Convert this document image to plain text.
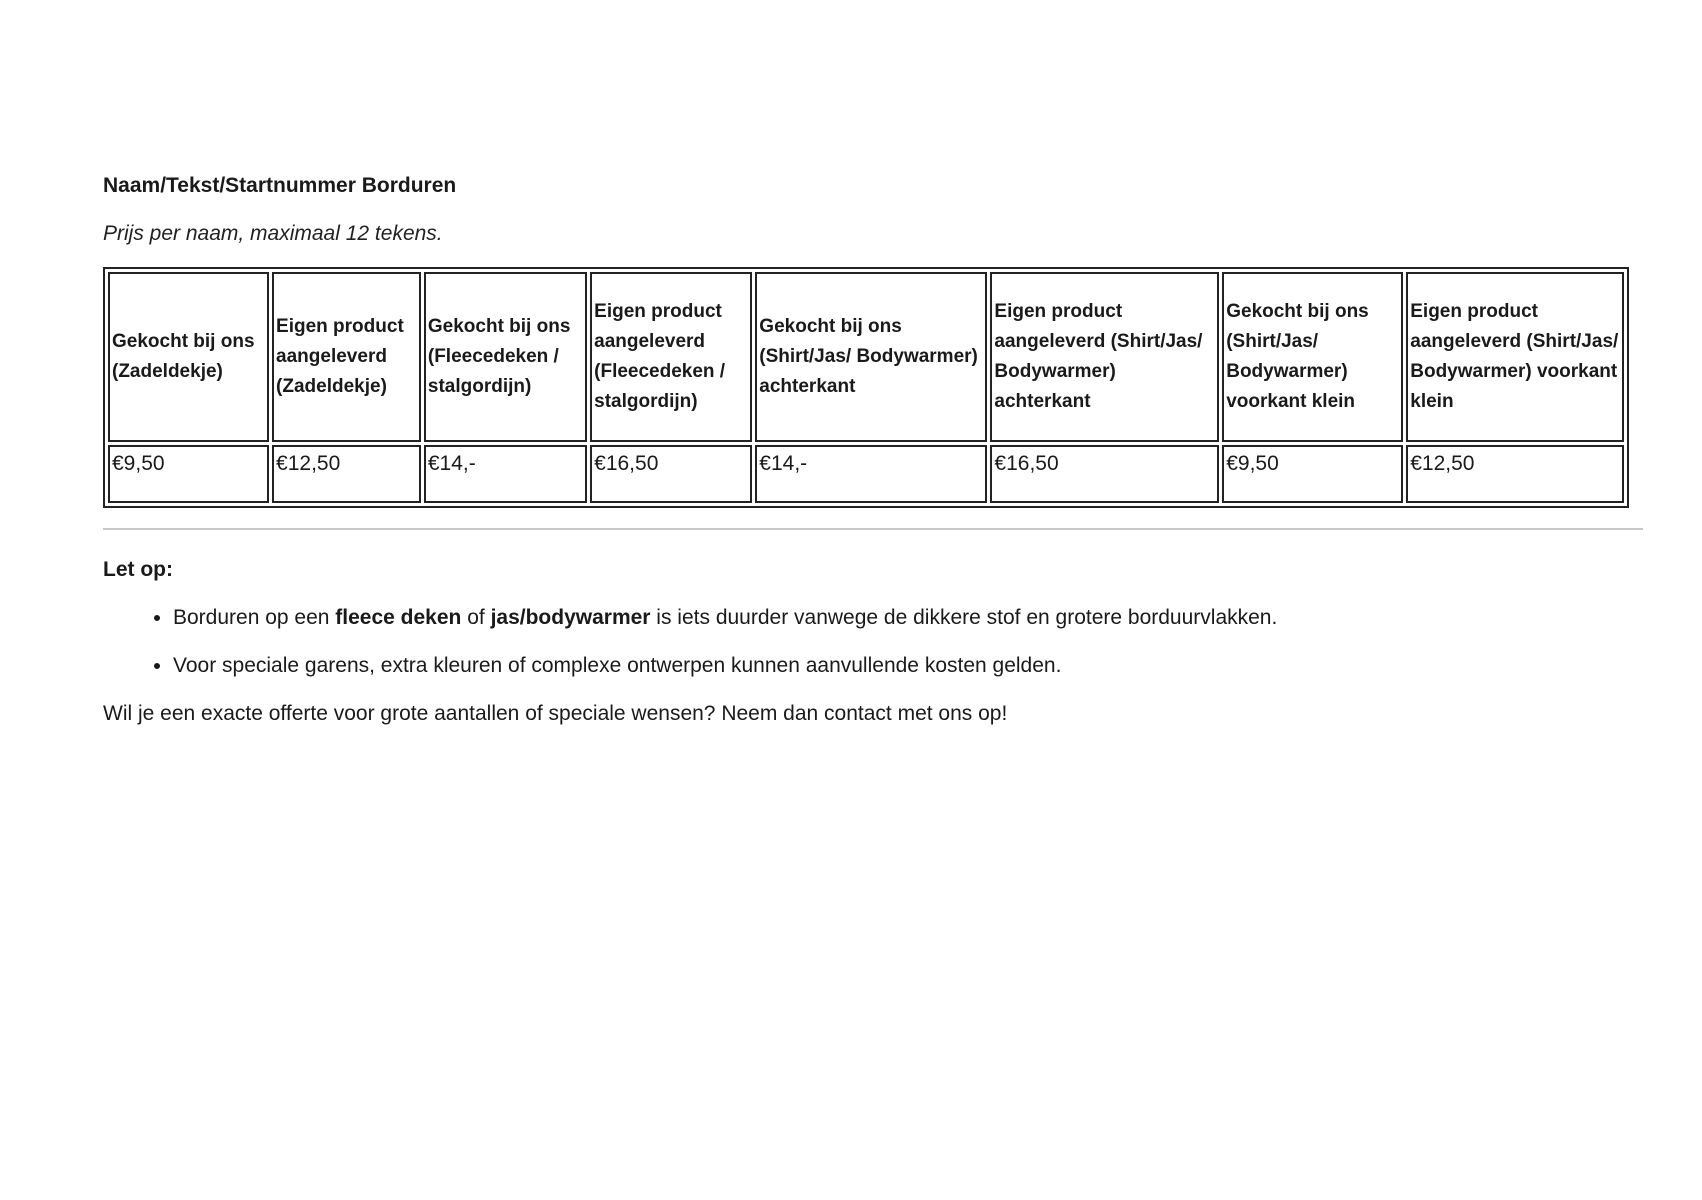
Naam/Tekst/Startnummer Borduren

Prijs per naam, maximaal 12 tekens.

Gekocht bij ons (Zadeldekje)	Eigen product aangeleverd (Zadeldekje)	Gekocht bij ons (Fleecedeken / stalgordijn)	Eigen product aangeleverd (Fleecedeken / stalgordijn)	Gekocht bij ons (Shirt/Jas/ Bodywarmer) achterkant	Eigen product aangeleverd (Shirt/Jas/ Bodywarmer) achterkant	Gekocht bij ons (Shirt/Jas/ Bodywarmer) voorkant klein	Eigen product aangeleverd (Shirt/Jas/ Bodywarmer) voorkant klein
€9,50	€12,50	€14,-	€16,50	€14,-	€16,50	€9,50	€12,50

Let op:

• Borduren op een fleece deken of jas/bodywarmer is iets duurder vanwege de dikkere stof en grotere borduurvlakken.
• Voor speciale garens, extra kleuren of complexe ontwerpen kunnen aanvullende kosten gelden.

Wil je een exacte offerte voor grote aantallen of speciale wensen? Neem dan contact met ons op!
